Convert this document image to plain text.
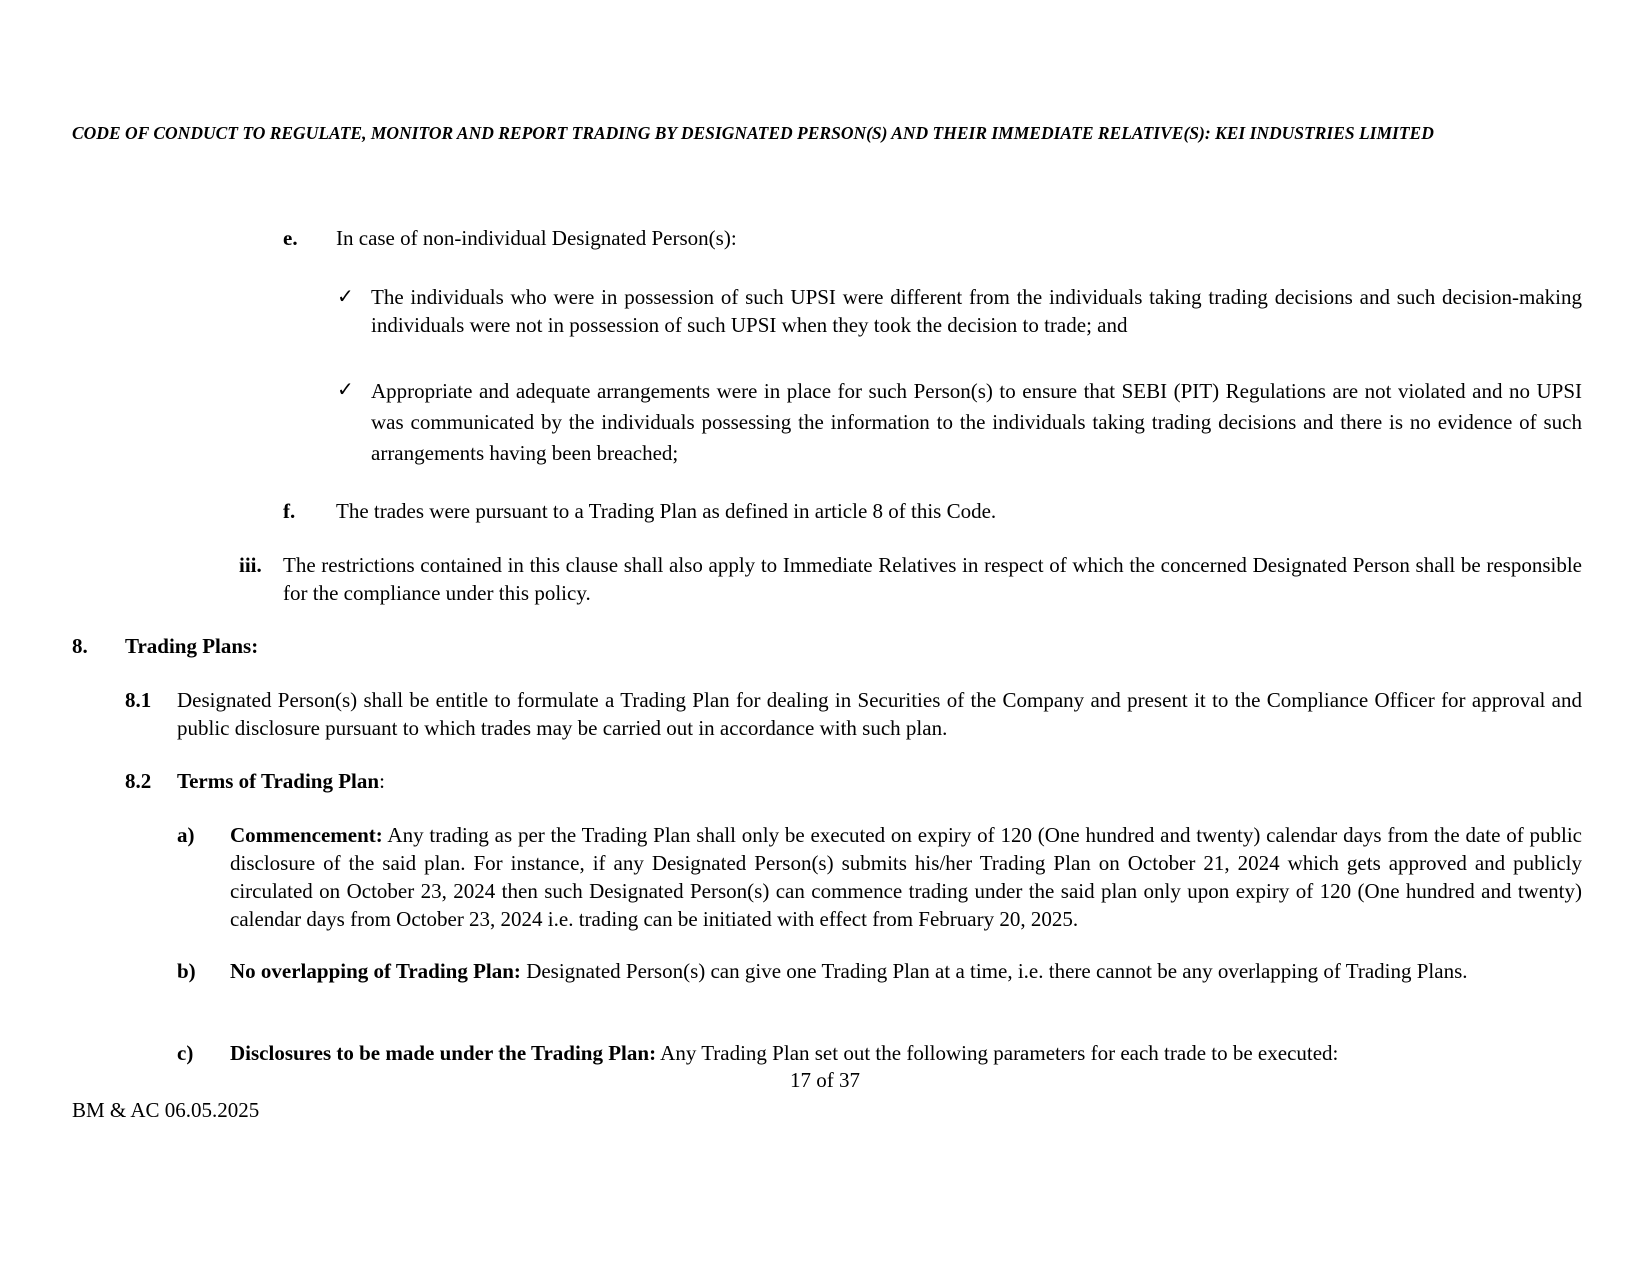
CODE OF CONDUCT TO REGULATE, MONITOR AND REPORT TRADING BY DESIGNATED PERSON(S) AND THEIR IMMEDIATE RELATIVE(S): KEI INDUSTRIES LIMITED
e. In case of non-individual Designated Person(s):
✓ The individuals who were in possession of such UPSI were different from the individuals taking trading decisions and such decision-making individuals were not in possession of such UPSI when they took the decision to trade; and
✓ Appropriate and adequate arrangements were in place for such Person(s) to ensure that SEBI (PIT) Regulations are not violated and no UPSI was communicated by the individuals possessing the information to the individuals taking trading decisions and there is no evidence of such arrangements having been breached;
f. The trades were pursuant to a Trading Plan as defined in article 8 of this Code.
iii. The restrictions contained in this clause shall also apply to Immediate Relatives in respect of which the concerned Designated Person shall be responsible for the compliance under this policy.
8. Trading Plans:
8.1 Designated Person(s) shall be entitle to formulate a Trading Plan for dealing in Securities of the Company and present it to the Compliance Officer for approval and public disclosure pursuant to which trades may be carried out in accordance with such plan.
8.2 Terms of Trading Plan:
a) Commencement: Any trading as per the Trading Plan shall only be executed on expiry of 120 (One hundred and twenty) calendar days from the date of public disclosure of the said plan. For instance, if any Designated Person(s) submits his/her Trading Plan on October 21, 2024 which gets approved and publicly circulated on October 23, 2024 then such Designated Person(s) can commence trading under the said plan only upon expiry of 120 (One hundred and twenty) calendar days from October 23, 2024 i.e. trading can be initiated with effect from February 20, 2025.
b) No overlapping of Trading Plan: Designated Person(s) can give one Trading Plan at a time, i.e. there cannot be any overlapping of Trading Plans.
c) Disclosures to be made under the Trading Plan: Any Trading Plan set out the following parameters for each trade to be executed:
17 of 37
BM & AC 06.05.2025
